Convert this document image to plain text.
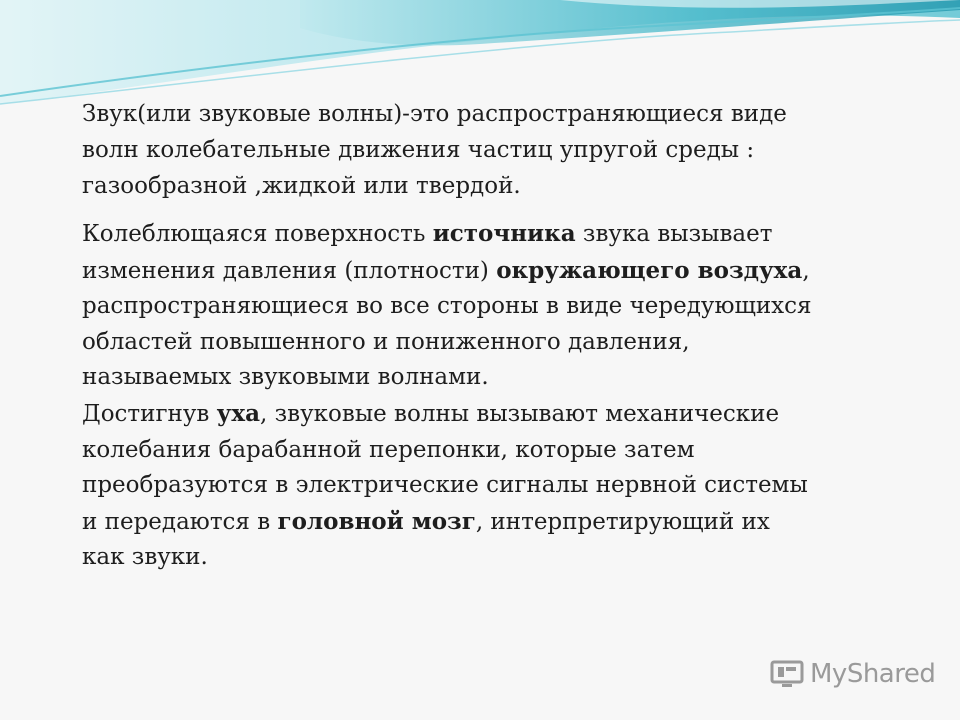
Звук(или звуковые волны)-это распространяющиеся виде волн колебательные движения частиц упругой среды : газообразной ,жидкой или твердой.

Колеблющаяся поверхность источника звука вызывает изменения давления (плотности) окружающего воздуха, распространяющиеся во все стороны в виде чередующихся областей повышенного и пониженного давления, называемых звуковыми волнами.
Достигнув уха, звуковые волны вызывают механические колебания барабанной перепонки, которые затем преобразуются в электрические сигналы нервной системы и передаются в головной мозг, интерпретирующий их как звуки.

MyShared
